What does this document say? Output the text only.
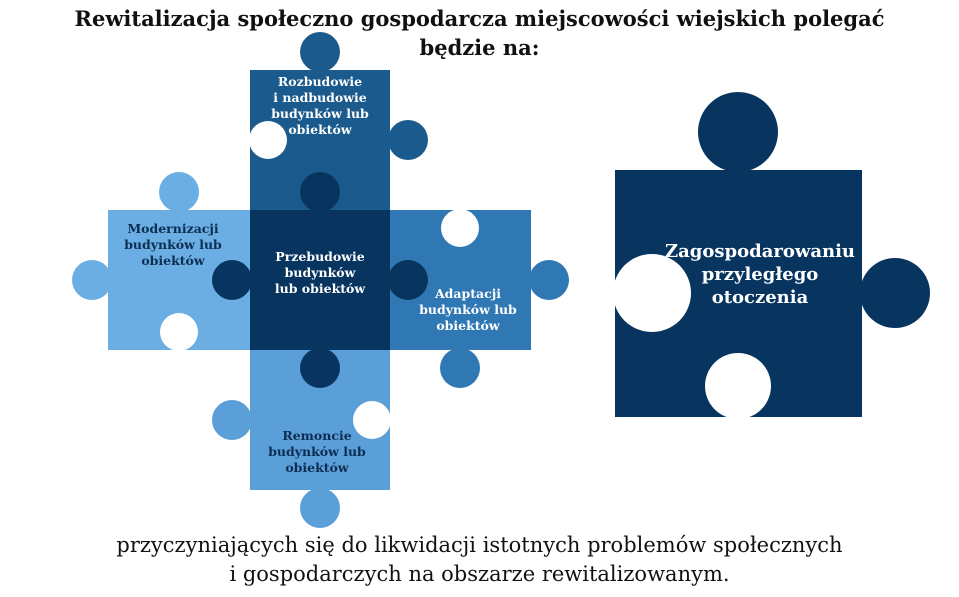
Rewitalizacja społeczno gospodarcza miejscowości wiejskich polegać
będzie na:
Rozbudowie
i nadbudowie
budynków lub
obiektów
Modernizacji
budynków lub
obiektów	Przebudowie
budynków
lub obiektów	Adaptacji
budynków lub
obiektów
Remoncie
budynków lub
obiektów
Zagospodarowaniu
przyległego
otoczenia

przyczyniających się do likwidacji istotnych problemów społecznych
i gospodarczych na obszarze rewitalizowanym.
